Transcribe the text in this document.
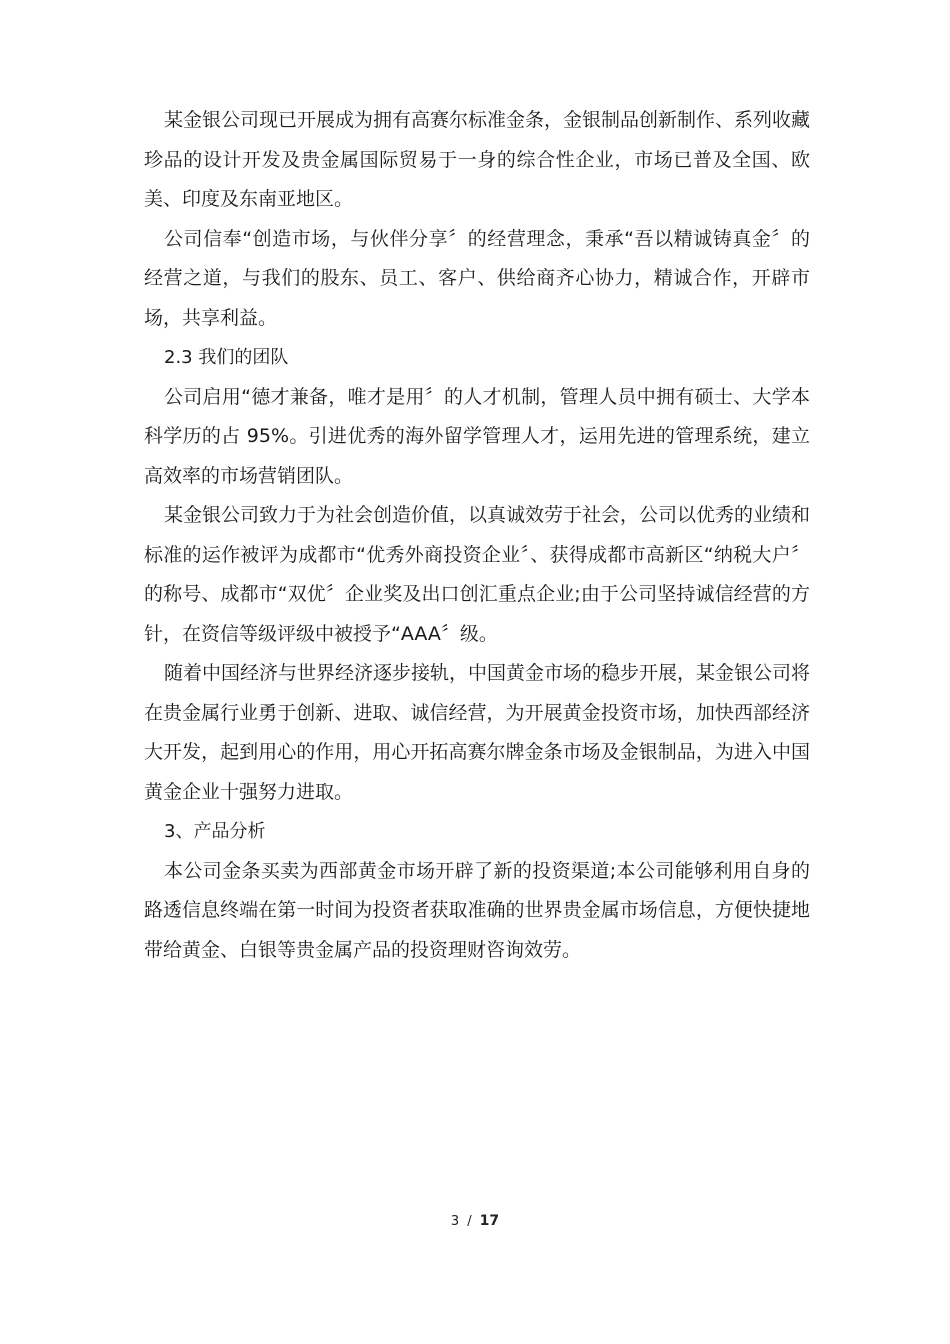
某金银公司现已开展成为拥有高赛尔标准金条，金银制品创新制作、系列收藏珍品的设计开发及贵金属国际贸易于一身的综合性企业，市场已普及全国、欧美、印度及东南亚地区。

公司信奉“创造市场，与伙伴分享〞的经营理念，秉承“吾以精诚铸真金〞的经营之道，与我们的股东、员工、客户、供给商齐心协力，精诚合作，开辟市场，共享利益。

2.3 我们的团队

公司启用“德才兼备，唯才是用〞的人才机制，管理人员中拥有硕士、大学本科学历的占 95%。引进优秀的海外留学管理人才，运用先进的管理系统，建立高效率的市场营销团队。

某金银公司致力于为社会创造价值，以真诚效劳于社会，公司以优秀的业绩和标准的运作被评为成都市“优秀外商投资企业〞、获得成都市高新区“纳税大户〞的称号、成都市“双优〞企业奖及出口创汇重点企业;由于公司坚持诚信经营的方针，在资信等级评级中被授予“AAA〞级。

随着中国经济与世界经济逐步接轨，中国黄金市场的稳步开展，某金银公司将在贵金属行业勇于创新、进取、诚信经营，为开展黄金投资市场，加快西部经济大开发，起到用心的作用，用心开拓高赛尔牌金条市场及金银制品，为进入中国黄金企业十强努力进取。

3、产品分析

本公司金条买卖为西部黄金市场开辟了新的投资渠道;本公司能够利用自身的路透信息终端在第一时间为投资者获取准确的世界贵金属市场信息，方便快捷地带给黄金、白银等贵金属产品的投资理财咨询效劳。

3 / 17
